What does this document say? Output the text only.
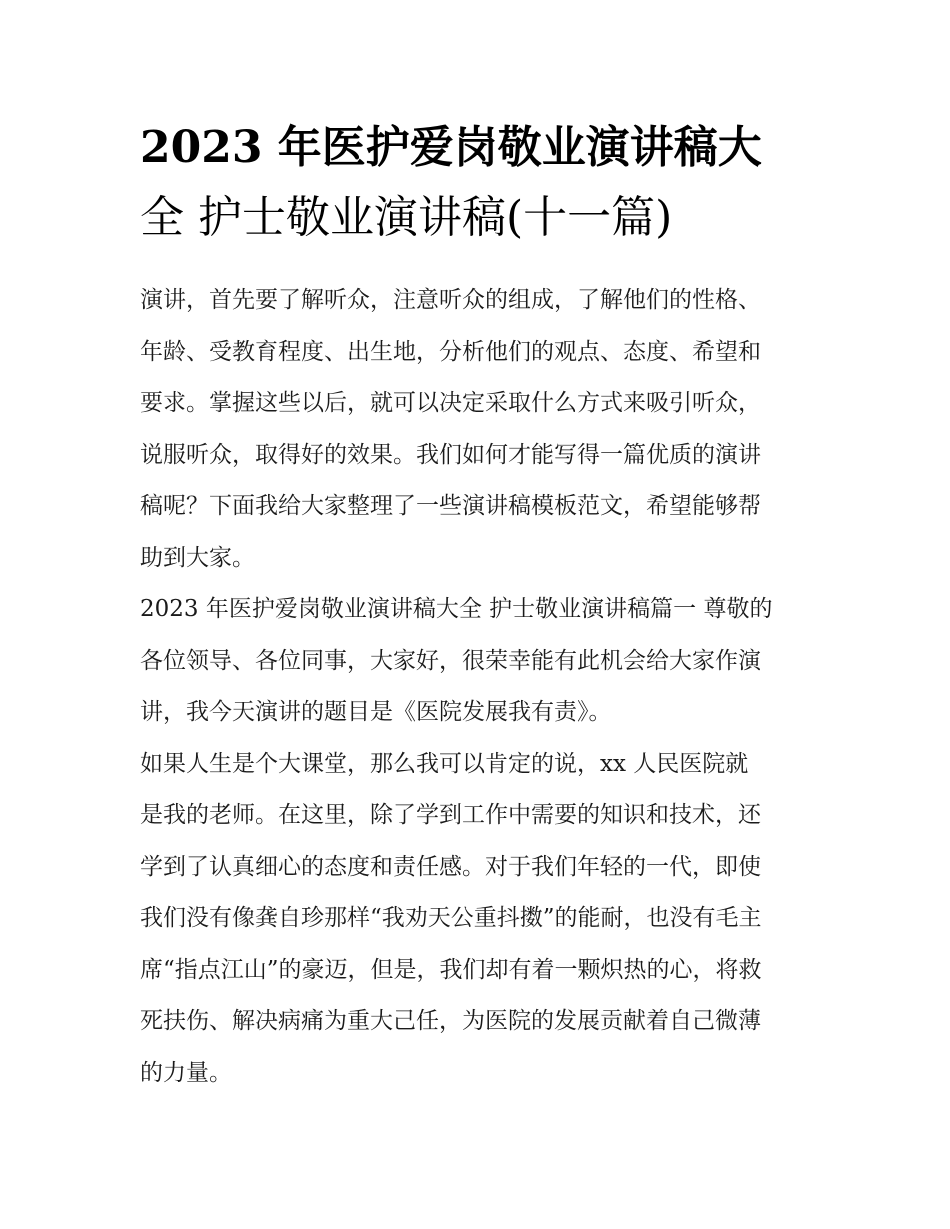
2023 年医护爱岗敬业演讲稿大
全 护士敬业演讲稿(十一篇)
演讲，首先要了解听众，注意听众的组成，了解他们的性格、
年龄、受教育程度、出生地，分析他们的观点、态度、希望和
要求。掌握这些以后，就可以决定采取什么方式来吸引听众，
说服听众，取得好的效果。我们如何才能写得一篇优质的演讲
稿呢？下面我给大家整理了一些演讲稿模板范文，希望能够帮
助到大家。
2023 年医护爱岗敬业演讲稿大全 护士敬业演讲稿篇一 尊敬的
各位领导、各位同事，大家好，很荣幸能有此机会给大家作演
讲，我今天演讲的题目是《医院发展我有责》。
如果人生是个大课堂，那么我可以肯定的说，xx 人民医院就
是我的老师。在这里，除了学到工作中需要的知识和技术，还
学到了认真细心的态度和责任感。对于我们年轻的一代，即使
我们没有像龚自珍那样“我劝天公重抖擞”的能耐，也没有毛主
席“指点江山”的豪迈，但是，我们却有着一颗炽热的心，将救
死扶伤、解决病痛为重大己任，为医院的发展贡献着自己微薄
的力量。
